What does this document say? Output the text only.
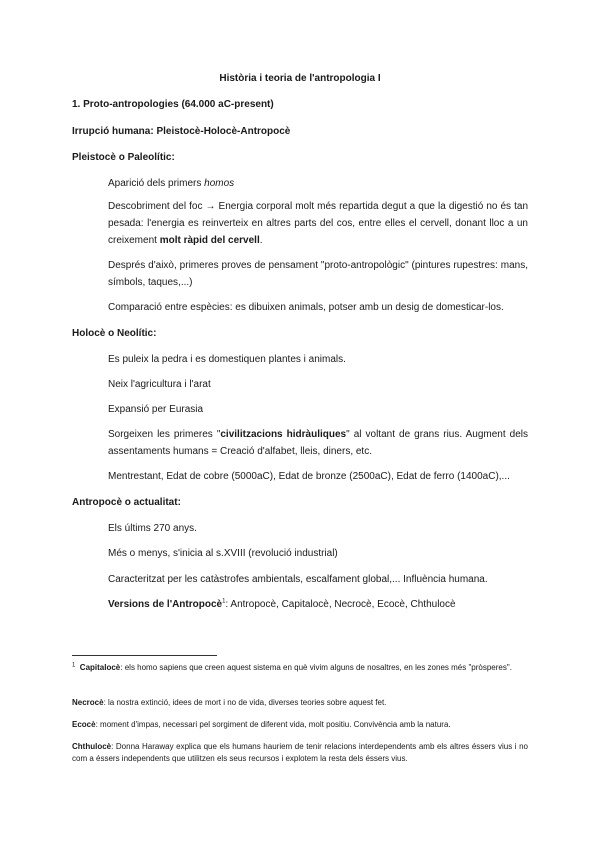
Història i teoria de l'antropologia I
1. Proto-antropologies (64.000 aC-present)
Irrupció humana: Pleistocè-Holocè-Antropocè
Pleistocè o Paleolític:
Aparició dels primers homos
Descobriment del foc → Energia corporal molt més repartida degut a que la digestió no és tan pesada: l'energia es reinverteix en altres parts del cos, entre elles el cervell, donant lloc a un creixement molt ràpid del cervell.
Després d'això, primeres proves de pensament "proto-antropològic" (pintures rupestres: mans, símbols, taques,...)
Comparació entre espècies: es dibuixen animals, potser amb un desig de domesticar-los.
Holocè o Neolític:
Es puleix la pedra i es domestiquen plantes i animals.
Neix l'agricultura i l'arat
Expansió per Eurasia
Sorgeixen les primeres "civilitzacions hidràuliques" al voltant de grans rius. Augment dels assentaments humans = Creació d'alfabet, lleis, diners, etc.
Mentrestant, Edat de cobre (5000aC), Edat de bronze (2500aC), Edat de ferro (1400aC),...
Antropocè o actualitat:
Els últims 270 anys.
Més o menys, s'inicia al s.XVIII (revolució industrial)
Caracteritzat per les catàstrofes ambientals, escalfament global,... Influència humana.
Versions de l'Antropocè$^1$: Antropocè, Capitalocè, Necrocè, Ecocè, Chthulocè
$^1$ Capitalocè: els homo sapiens que creen aquest sistema en què vivim alguns de nosaltres, en les zones més "pròsperes".
Necrocè: la nostra extinció, idees de mort i no de vida, diverses teories sobre aquest fet.
Ecocè: moment d'impas, necessari pel sorgiment de diferent vida, molt positiu. Convivència amb la natura.
Chthulocè: Donna Haraway explica que els humans hauriem de tenir relacions interdependents amb els altres éssers vius i no com a éssers independents que utilitzen els seus recursos i explotem la resta dels éssers vius.
